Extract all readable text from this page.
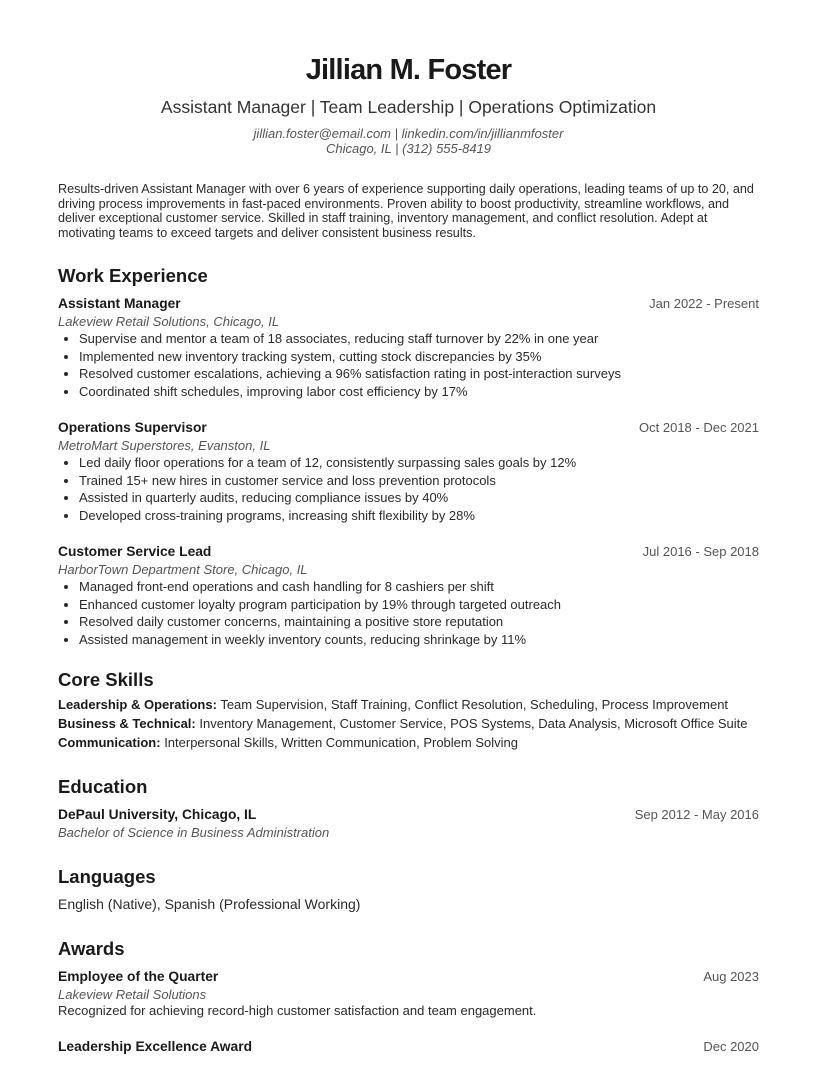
Jillian M. Foster
Assistant Manager | Team Leadership | Operations Optimization
jillian.foster@email.com | linkedin.com/in/jillianmfoster
Chicago, IL | (312) 555-8419
Results-driven Assistant Manager with over 6 years of experience supporting daily operations, leading teams of up to 20, and driving process improvements in fast-paced environments. Proven ability to boost productivity, streamline workflows, and deliver exceptional customer service. Skilled in staff training, inventory management, and conflict resolution. Adept at motivating teams to exceed targets and deliver consistent business results.
Work Experience
Assistant Manager	Jan 2022 - Present
Lakeview Retail Solutions, Chicago, IL
• Supervise and mentor a team of 18 associates, reducing staff turnover by 22% in one year
• Implemented new inventory tracking system, cutting stock discrepancies by 35%
• Resolved customer escalations, achieving a 96% satisfaction rating in post-interaction surveys
• Coordinated shift schedules, improving labor cost efficiency by 17%
Operations Supervisor	Oct 2018 - Dec 2021
MetroMart Superstores, Evanston, IL
• Led daily floor operations for a team of 12, consistently surpassing sales goals by 12%
• Trained 15+ new hires in customer service and loss prevention protocols
• Assisted in quarterly audits, reducing compliance issues by 40%
• Developed cross-training programs, increasing shift flexibility by 28%
Customer Service Lead	Jul 2016 - Sep 2018
HarborTown Department Store, Chicago, IL
• Managed front-end operations and cash handling for 8 cashiers per shift
• Enhanced customer loyalty program participation by 19% through targeted outreach
• Resolved daily customer concerns, maintaining a positive store reputation
• Assisted management in weekly inventory counts, reducing shrinkage by 11%
Core Skills
Leadership & Operations: Team Supervision, Staff Training, Conflict Resolution, Scheduling, Process Improvement
Business & Technical: Inventory Management, Customer Service, POS Systems, Data Analysis, Microsoft Office Suite
Communication: Interpersonal Skills, Written Communication, Problem Solving
Education
DePaul University, Chicago, IL	Sep 2012 - May 2016
Bachelor of Science in Business Administration
Languages
English (Native), Spanish (Professional Working)
Awards
Employee of the Quarter	Aug 2023
Lakeview Retail Solutions
Recognized for achieving record-high customer satisfaction and team engagement.
Leadership Excellence Award	Dec 2020
